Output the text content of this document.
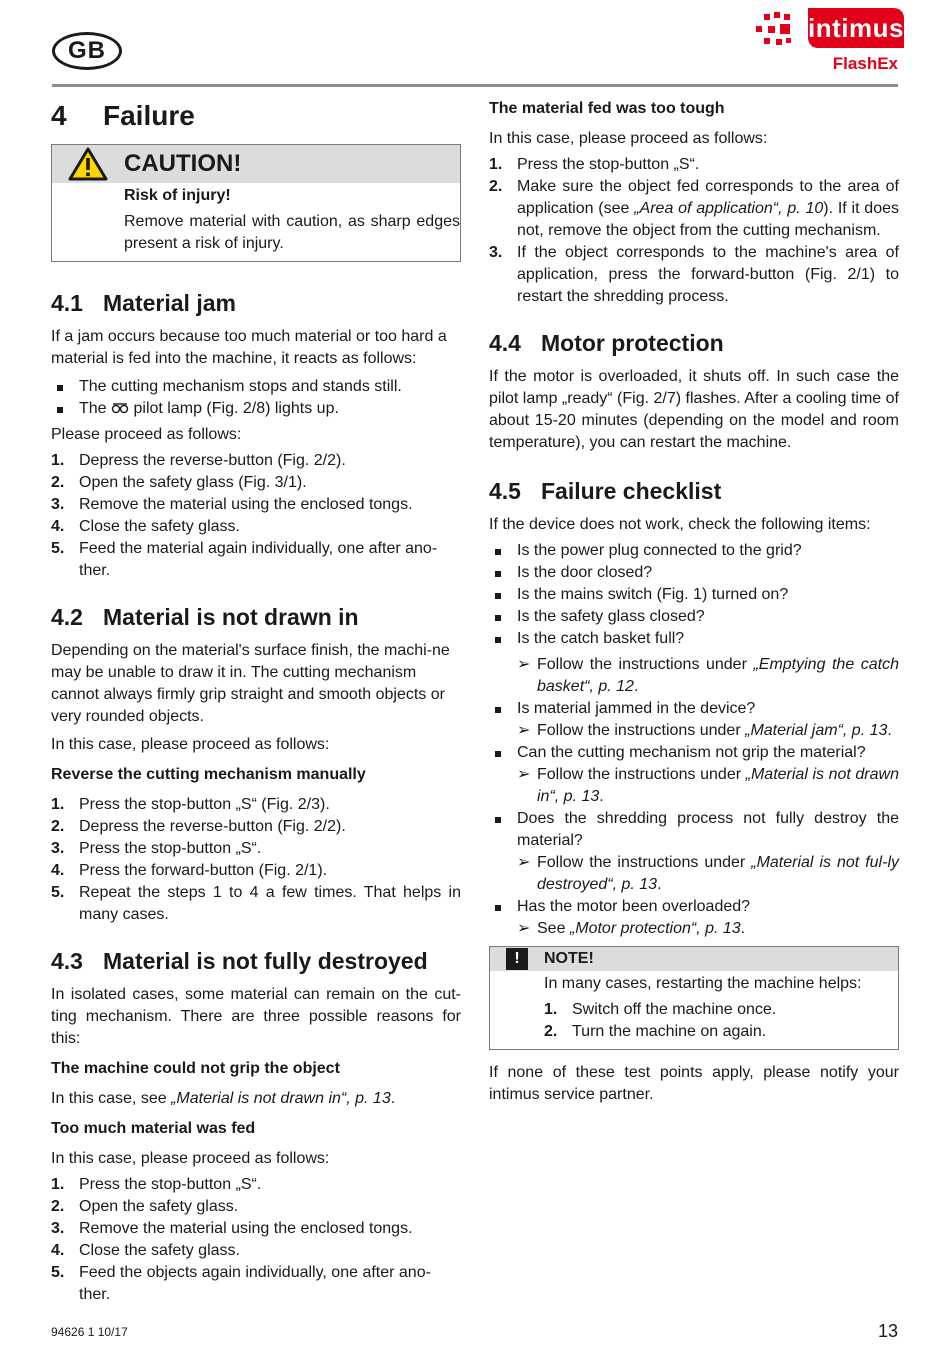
GB
intimus
FlashEx
4	Failure
CAUTION!
Risk of injury!

Remove material with caution, as sharp edges present a risk of injury.

4.1 Material jam

If a jam occurs because too much material or too hard a material is fed into the machine, it reacts as follows:

The cutting mechanism stops and stands still.
The pilot lamp (Fig. 2/8) lights up.

Please proceed as follows:

1. Depress the reverse-button (Fig. 2/2).
2. Open the safety glass (Fig. 3/1).
3. Remove the material using the enclosed tongs.
4. Close the safety glass.
5. Feed the material again individually, one after ano-ther.
4.2 Material is not drawn in

Depending on the material's surface finish, the machi-ne may be unable to draw it in. The cutting mechanism cannot always firmly grip straight and smooth objects or very rounded objects.

In this case, please proceed as follows:

Reverse the cutting mechanism manually
1. Press the stop-button „S“ (Fig. 2/3).
2. Depress the reverse-button (Fig. 2/2).
3. Press the stop-button „S“.
4. Press the forward-button (Fig. 2/1).
5. Repeat the steps 1 to 4 a few times. That helps in many cases.
4.3 Material is not fully destroyed

In isolated cases, some material can remain on the cut-ting mechanism. There are three possible reasons for this:

The machine could not grip the object

In this case, see „Material is not drawn in“, p. 13.

Too much material was fed

In this case, please proceed as follows:

1. Press the stop-button „S“.
2. Open the safety glass.
3. Remove the material using the enclosed tongs.
4. Close the safety glass.
5. Feed the objects again individually, one after ano-ther.
The material fed was too tough

In this case, please proceed as follows:

1. Press the stop-button „S“.
2. Make sure the object fed corresponds to the area of application (see „Area of application“, p. 10). If it does not, remove the object from the cutting mechanism.
3. If the object corresponds to the machine's area of application, press the forward-button (Fig. 2/1) to restart the shredding process.
4.4 Motor protection

If the motor is overloaded, it shuts off. In such case the pilot lamp „ready“ (Fig. 2/7) flashes. After a cooling time of about 15-20 minutes (depending on the model and room temperature), you can restart the machine.

4.5 Failure checklist

If the device does not work, check the following items:

Is the power plug connected to the grid?
Is the door closed?
Is the mains switch (Fig. 1) turned on?
Is the safety glass closed?
Is the catch basket full?
➢ Follow the instructions under „Emptying the catch basket“, p. 12.
Is material jammed in the device?
➢ Follow the instructions under „Material jam“, p. 13.
Can the cutting mechanism not grip the material?
➢ Follow the instructions under „Material is not drawn in“, p. 13.
Does the shredding process not fully destroy the material?
➢ Follow the instructions under „Material is not ful-ly destroyed“, p. 13.
Has the motor been overloaded?
➢ See „Motor protection“, p. 13.
!	NOTE!

In many cases, restarting the machine helps:

1. Switch off the machine once.
2. Turn the machine on again.

If none of these test points apply, please notify your intimus service partner.

94626 1 10/17	13
